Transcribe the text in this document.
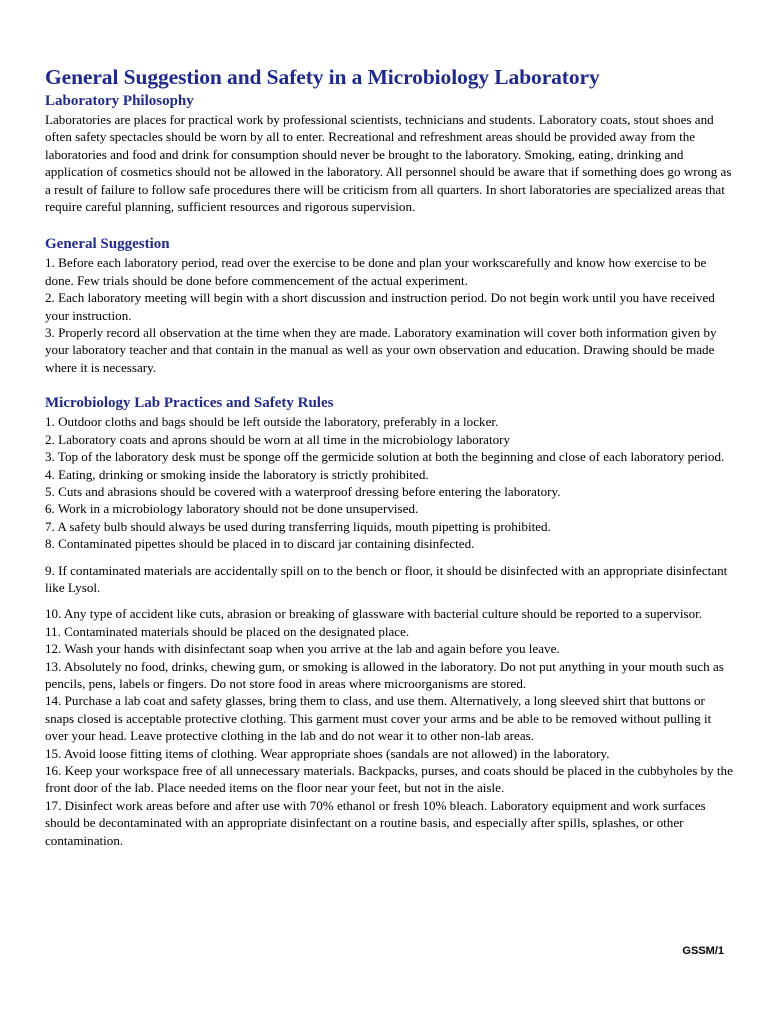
General Suggestion and Safety in a Microbiology Laboratory
Laboratory Philosophy

Laboratories are places for practical work by professional scientists, technicians and students. Laboratory coats, stout shoes and often safety spectacles should be worn by all to enter. Recreational and refreshment areas should be provided away from the laboratories and food and drink for consumption should never be brought to the laboratory. Smoking, eating, drinking and application of cosmetics should not be allowed in the laboratory. All personnel should be aware that if something does go wrong as a result of failure to follow safe procedures there will be criticism from all quarters. In short laboratories are specialized areas that require careful planning, sufficient resources and rigorous supervision.

General Suggestion

1. Before each laboratory period, read over the exercise to be done and plan your workscarefully and know how exercise to be done. Few trials should be done before commencement of the actual experiment.

2. Each laboratory meeting will begin with a short discussion and instruction period. Do not begin work until you have received your instruction.

3. Properly record all observation at the time when they are made. Laboratory examination will cover both information given by your laboratory teacher and that contain in the manual as well as your own observation and education. Drawing should be made where it is necessary.

Microbiology Lab Practices and Safety Rules

1. Outdoor cloths and bags should be left outside the laboratory, preferably in a locker.

2. Laboratory coats and aprons should be worn at all time in the microbiology laboratory

3. Top of the laboratory desk must be sponge off the germicide solution at both the beginning and close of each laboratory period.

4. Eating, drinking or smoking inside the laboratory is strictly prohibited.

5. Cuts and abrasions should be covered with a waterproof dressing before entering the laboratory.

6. Work in a microbiology laboratory should not be done unsupervised.

7. A safety bulb should always be used during transferring liquids, mouth pipetting is prohibited.

8. Contaminated pipettes should be placed in to discard jar containing disinfected.

9. If contaminated materials are accidentally spill on to the bench or floor, it should be disinfected with an appropriate disinfectant like Lysol.

10. Any type of accident like cuts, abrasion or breaking of glassware with bacterial culture should be reported to a supervisor.

11. Contaminated materials should be placed on the designated place.

12. Wash your hands with disinfectant soap when you arrive at the lab and again before you leave.

13. Absolutely no food, drinks, chewing gum, or smoking is allowed in the laboratory. Do not put anything in your mouth such as pencils, pens, labels or fingers. Do not store food in areas where microorganisms are stored.

14. Purchase a lab coat and safety glasses, bring them to class, and use them. Alternatively, a long sleeved shirt that buttons or snaps closed is acceptable protective clothing. This garment must cover your arms and be able to be removed without pulling it over your head. Leave protective clothing in the lab and do not wear it to other non-lab areas.

15. Avoid loose fitting items of clothing. Wear appropriate shoes (sandals are not allowed) in the laboratory.

16. Keep your workspace free of all unnecessary materials. Backpacks, purses, and coats should be placed in the cubbyholes by the front door of the lab. Place needed items on the floor near your feet, but not in the aisle.

17. Disinfect work areas before and after use with 70% ethanol or fresh 10% bleach. Laboratory equipment and work surfaces should be decontaminated with an appropriate disinfectant on a routine basis, and especially after spills, splashes, or other contamination.

GSSM/1
